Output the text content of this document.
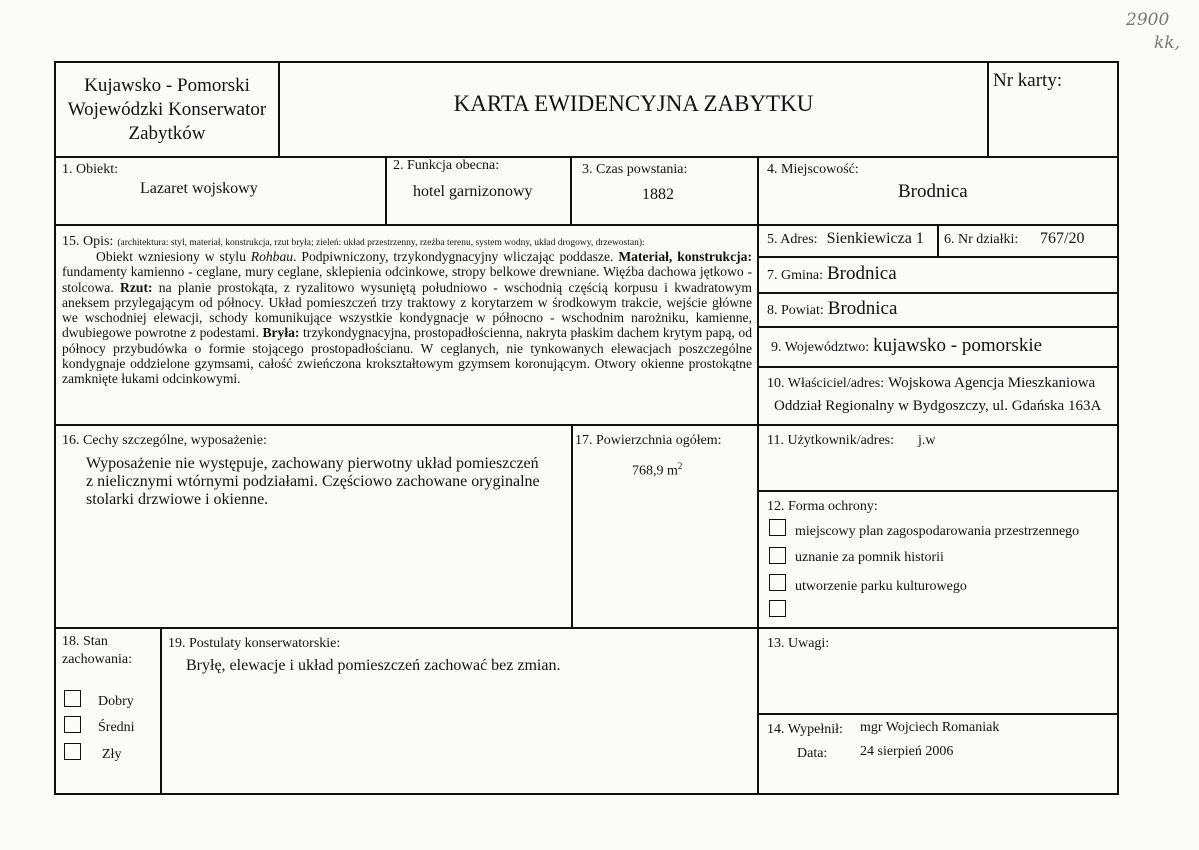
2900
kk,
Kujawsko - Pomorski
Wojewódzki Konserwator
Zabytków
KARTA EWIDENCYJNA ZABYTKU
Nr karty:
1. Obiekt:
Lazaret wojskowy
2. Funkcja obecna:
hotel garnizonowy
3. Czas powstania:
1882
4. Miejscowość:
Brodnica
15. Opis: (architektura: styl, materiał, konstrukcja, rzut bryła; zieleń: układ przestrzenny, rzeźba terenu, system wodny, układ drogowy, drzewostan):

Obiekt wzniesiony w stylu Rohbau. Podpiwniczony, trzykondygnacyjny wliczając poddasze. Materiał, konstrukcja: fundamenty kamienno - ceglane, mury ceglane, sklepienia odcinkowe, stropy belkowe drewniane. Więźba dachowa jętkowo - stolcowa. Rzut: na planie prostokąta, z ryzalitowo wysuniętą południowo - wschodnią częścią korpusu i kwadratowym aneksem przylegającym od północy. Układ pomieszczeń trzy traktowy z korytarzem w środkowym trakcie, wejście główne we wschodniej elewacji, schody komunikujące wszystkie kondygnacje w północno - wschodnim narożniku, kamienne, dwubiegowe powrotne z podestami. Bryła: trzykondygnacyjna, prostopadłościenna, nakryta płaskim dachem krytym papą, od północy przybudówka o formie stojącego prostopadłościanu. W ceglanych, nie tynkowanych elewacjach poszczególne kondygnaje oddzielone gzymsami, całość zwieńczona krokształtowym gzymsem koronującym. Otwory okienne prostokątne zamknięte łukami odcinkowymi.

5. Adres: Sienkiewicza 1 6. Nr działki: 767/20
7. Gmina: Brodnica
8. Powiat: Brodnica
9. Województwo: kujawsko - pomorskie
10. Właściciel/adres: Wojskowa Agencja Mieszkaniowa
Oddział Regionalny w Bydgoszczy, ul. Gdańska 163A
16. Cechy szczególne, wyposażenie:
Wyposażenie nie występuje, zachowany pierwotny układ pomieszczeń
z nielicznymi wtórnymi podziałami. Częściowo zachowane oryginalne
stolarki drzwiowe i okienne.
17. Powierzchnia ogółem:
768,9 $m^2$
11. Użytkownik/adres: j.w
12. Forma ochrony:
miejscowy plan zagospodarowania przestrzennego
uznanie za pomnik historii
utworzenie parku kulturowego
18. Stan
zachowania:
Dobry
Średni
Zły
19. Postulaty konserwatorskie:
Bryłę, elewacje i układ pomieszczeń zachować bez zmian.
13. Uwagi:
14. Wypełnił: mgr Wojciech Romaniak
Data: 24 sierpień 2006
